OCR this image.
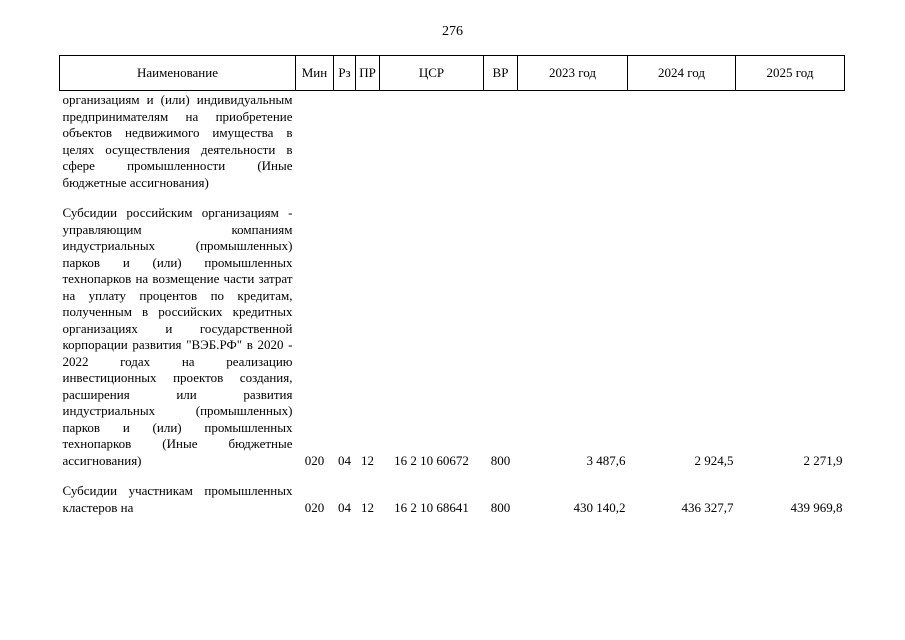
276
Наименование	Мин	Рз	ПР	ЦСР	ВР	2023 год	2024 год	2025 год
организациям и (или) индивидуальным предпринимателям на приобретение объектов недвижимого имущества в целях осуществления деятельности в сфере промышленности (Иные бюджетные ассигнования)								

Субсидии российским организациям - управляющим компаниям индустриальных (промышленных) парков и (или) промышленных технопарков на возмещение части затрат на уплату процентов по кредитам, полученным в российских кредитных организациях и государственной корпорации развития "ВЭБ.РФ" в 2020 - 2022 годах на реализацию инвестиционных проектов создания, расширения или развития индустриальных (промышленных) парков и (или) промышленных технопарков (Иные бюджетные ассигнования)	020	04	12	16 2 10 60672	800	3 487,6	2 924,5	2 271,9

Субсидии участникам промышленных кластеров на	020	04	12	16 2 10 68641	800	430 140,2	436 327,7	439 969,8
